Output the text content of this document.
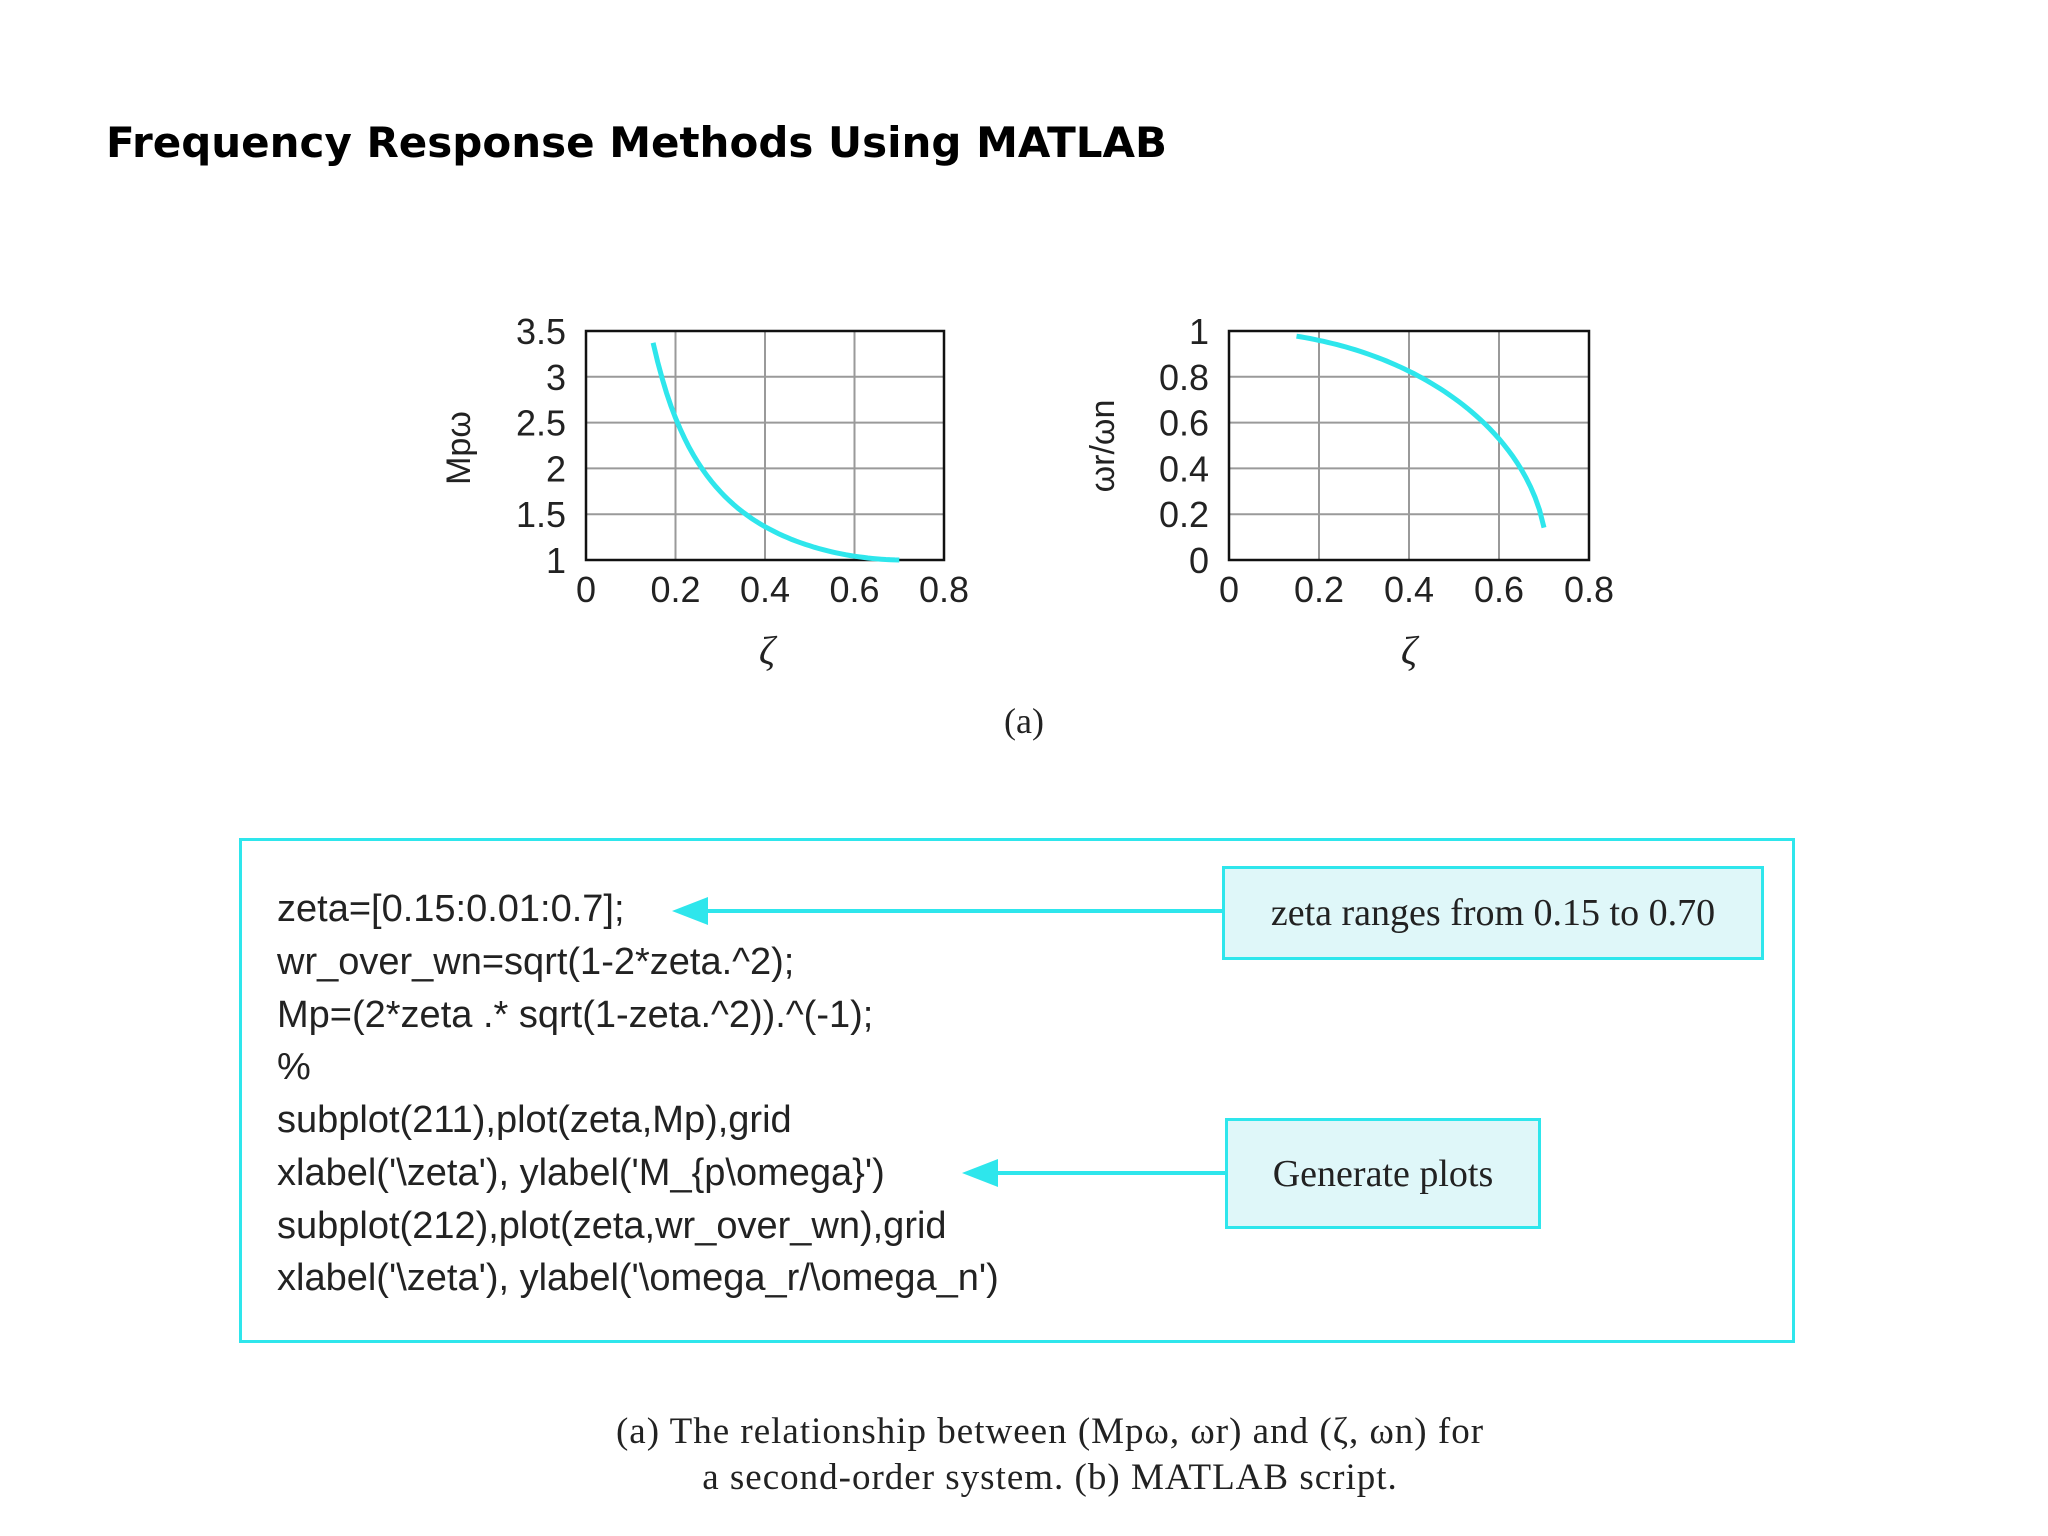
Frequency Response Methods Using MATLAB
0 0.2 0.4 0.6 0.8
1
1.5
2
2.5
3
3.5
ζ
Mpω
0 0.2 0.4 0.6 0.8
0
0.2
0.4
0.6
0.8
1
ζ
ωr/ωn
(a)
zeta=[0.15:0.01:0.7];
wr_over_wn=sqrt(1-2*zeta.^2);
Mp=(2*zeta .* sqrt(1-zeta.^2)).^(-1);
%
subplot(211),plot(zeta,Mp),grid
xlabel('\zeta'), ylabel('M_{p\omega}')
subplot(212),plot(zeta,wr_over_wn),grid
xlabel('\zeta'), ylabel('\omega_r/\omega_n')
zeta ranges from 0.15 to 0.70
Generate plots
(a) The relationship between (Mpω, ωr) and (ζ, ωn) for
a second-order system. (b) MATLAB script.
